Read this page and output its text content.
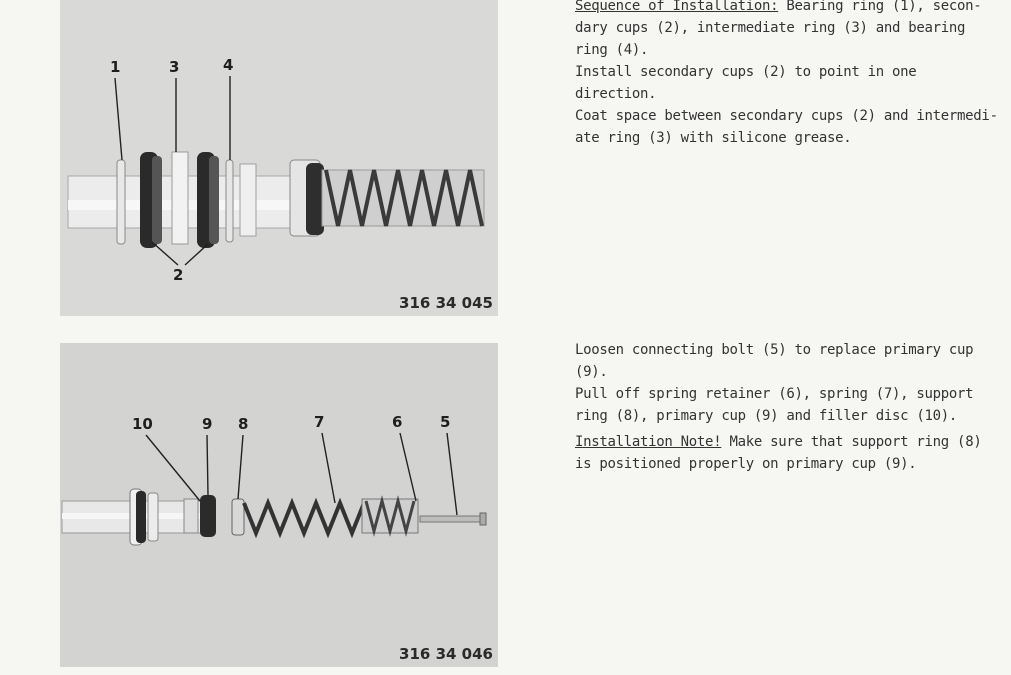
1	3	4
2
316 34 045
10	9 8	7	6	5
316 34 046

Sequence of Installation: Bearing ring (1), secon-

dary cups (2), intermediate ring (3) and bearing

ring (4).

Install secondary cups (2) to point in one direction.

Coat space between secondary cups (2) and intermedi-

ate ring (3) with silicone grease.

Loosen connecting bolt (5) to replace primary cup

(9).

Pull off spring retainer (6), spring (7), support

ring (8), primary cup (9) and filler disc (10).

Installation Note! Make sure that support ring (8)

is positioned properly on primary cup (9).
